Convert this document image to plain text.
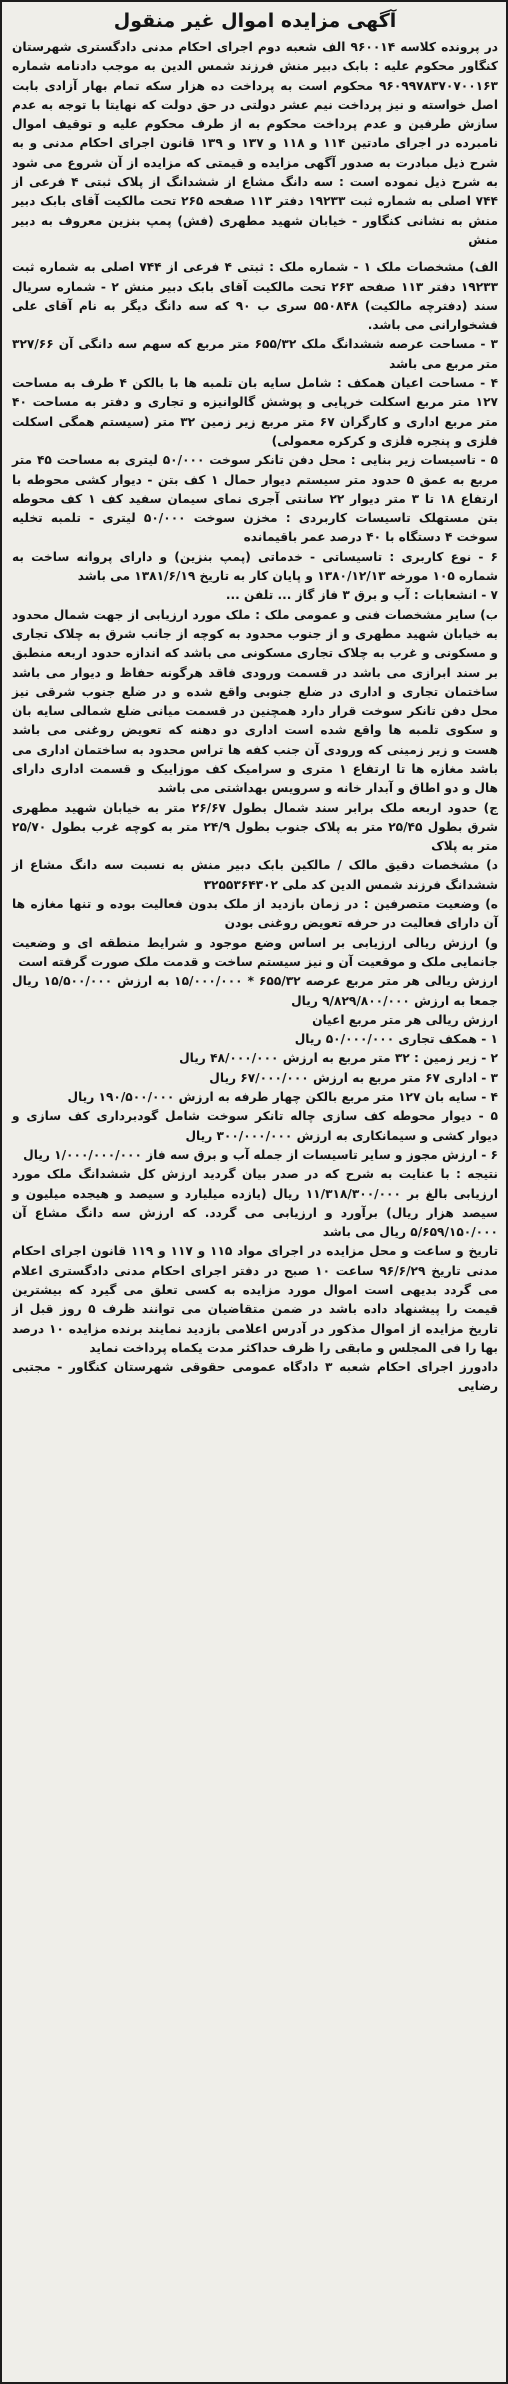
آگهی مزایده اموال غیر منقول

در پرونده کلاسه ۹۶۰۰۱۴ الف شعبه دوم اجرای احکام مدنی دادگستری شهرستان کنگاور محکوم علیه : بابک دبیر منش فرزند شمس الدین به موجب دادنامه شماره ۹۶۰۹۹۷۸۳۷۰۷۰۰۱۶۳ محکوم است به پرداخت ده هزار سکه تمام بهار آزادی بابت اصل خواسته و نیز پرداخت نیم عشر دولتی در حق دولت که نهایتا با توجه به عدم سازش طرفین و عدم پرداخت محکوم به از طرف محکوم علیه و توقیف اموال نامبرده در اجرای مادتین ۱۱۴ و ۱۱۸ و ۱۳۷ و ۱۳۹ قانون اجرای احکام مدنی و به شرح ذیل مبادرت به صدور آگهی مزایده و قیمتی که مزایده از آن شروع می شود به شرح ذیل نموده است : سه دانگ مشاع از ششدانگ از پلاک ثبتی ۴ فرعی از ۷۴۴ اصلی به شماره ثبت ۱۹۲۳۳ دفتر ۱۱۳ صفحه ۲۶۵ تحت مالکیت آقای بابک دبیر منش به نشانی کنگاور - خیابان شهید مطهری (فش) پمپ بنزین معروف به دبیر منش

الف) مشخصات ملک ۱ - شماره ملک : ثبتی ۴ فرعی از ۷۴۴ اصلی به شماره ثبت ۱۹۲۳۳ دفتر ۱۱۳ صفحه ۲۶۳ تحت مالکیت آقای بابک دبیر منش ۲ - شماره سریال سند (دفترچه مالکیت) ۵۵۰۸۴۸ سری ب ۹۰ که سه دانگ دیگر به نام آقای علی فشخوارانی می باشد.

۳ - مساحت عرصه ششدانگ ملک ۶۵۵/۳۲ متر مربع که سهم سه دانگی آن ۳۲۷/۶۶ متر مربع می باشد

۴ - مساحت اعیان همکف : شامل سایه بان تلمبه ها با بالکن ۴ طرف به مساحت ۱۲۷ متر مربع اسکلت خرپایی و پوشش گالوانیزه و تجاری و دفتر به مساحت ۴۰ متر مربع اداری و کارگران ۶۷ متر مربع زیر زمین ۳۲ متر (سیستم همگی اسکلت فلزی و پنجره فلزی و کرکره معمولی)

۵ - تاسیسات زیر بنایی : محل دفن تانکر سوخت ۵۰/۰۰۰ لیتری به مساحت ۴۵ متر مربع به عمق ۵ حدود متر سیستم دیوار حمال ۱ کف بتن - دیوار کشی محوطه با ارتفاع ۱۸ تا ۳ متر دیوار ۲۲ سانتی آجری نمای سیمان سفید کف ۱ کف محوطه بتن مستهلک تاسیسات کاربردی : مخزن سوخت ۵۰/۰۰۰ لیتری - تلمبه تخلیه سوخت ۴ دستگاه با ۴۰ درصد عمر باقیمانده

۶ - نوع کاربری : تاسیساتی - خدماتی (پمپ بنزین) و دارای پروانه ساخت به شماره ۱۰۵ مورخه ۱۳۸۰/۱۲/۱۳ و پایان کار به تاریخ ۱۳۸۱/۶/۱۹ می باشد

۷ - انشعابات : آب و برق ۳ فاز گاز ... تلفن ...

ب) سایر مشخصات فنی و عمومی ملک : ملک مورد ارزیابی از جهت شمال محدود به خیابان شهید مطهری و از جنوب محدود به کوچه از جانب شرق به چلاک تجاری و مسکونی و غرب به چلاک تجاری مسکونی می باشد که اندازه حدود اربعه منطبق بر سند ابرازی می باشد در قسمت ورودی فاقد هرگونه حفاظ و دیوار می باشد ساختمان تجاری و اداری در ضلع جنوبی واقع شده و در ضلع جنوب شرقی نیز محل دفن تانکر سوخت قرار دارد همچنین در قسمت میانی ضلع شمالی سایه بان و سکوی تلمبه ها واقع شده است اداری دو دهنه که تعویض روغنی می باشد هست و زیر زمینی که ورودی آن جنب کفه ها تراس محدود به ساختمان اداری می باشد مغازه ها تا ارتفاع ۱ متری و سرامیک کف موزاییک و قسمت اداری دارای هال و دو اطاق و آبدار خانه و سرویس بهداشتی می باشد

ج) حدود اربعه ملک برابر سند شمال بطول ۲۶/۶۷ متر به خیابان شهید مطهری شرق بطول ۲۵/۴۵ متر به پلاک جنوب بطول ۲۴/۹ متر به کوچه غرب بطول ۲۵/۷۰ متر به پلاک

د) مشخصات دقیق مالک / مالکین بابک دبیر منش به نسبت سه دانگ مشاع از ششدانگ فرزند شمس الدین کد ملی ۳۲۵۵۳۶۴۳۰۲

ه) وضعیت متصرفین : در زمان بازدید از ملک بدون فعالیت بوده و تنها مغازه ها آن دارای فعالیت در حرفه تعویض روغنی بودن

و) ارزش ریالی ارزیابی بر اساس وضع موجود و شرایط منطقه ای و وضعیت جانمایی ملک و موقعیت آن و نیز سیستم ساخت و قدمت ملک صورت گرفته است

ارزش ریالی هر متر مربع عرصه ۶۵۵/۳۲ * ۱۵/۰۰۰/۰۰۰ به ارزش ۱۵/۵۰۰/۰۰۰ ریال جمعا به ارزش ۹/۸۲۹/۸۰۰/۰۰۰ ریال

ارزش ریالی هر متر مربع اعیان

۱ - همکف تجاری ۵۰/۰۰۰/۰۰۰ ریال

۲ - زیر زمین : ۳۲ متر مربع به ارزش ۴۸/۰۰۰/۰۰۰ ریال

۳ - اداری ۶۷ متر مربع به ارزش ۶۷/۰۰۰/۰۰۰ ریال

۴ - سایه بان ۱۲۷ متر مربع بالکن چهار طرفه به ارزش ۱۹۰/۵۰۰/۰۰۰ ریال

۵ - دیوار محوطه کف سازی چاله تانکر سوخت شامل گودبرداری کف سازی و دیوار کشی و سیمانکاری به ارزش ۳۰۰/۰۰۰/۰۰۰ ریال

۶ - ارزش مجوز و سایر تاسیسات از جمله آب و برق سه فاز ۱/۰۰۰/۰۰۰/۰۰۰ ریال

نتیجه : با عنایت به شرح که در صدر بیان گردید ارزش کل ششدانگ ملک مورد ارزیابی بالغ بر ۱۱/۳۱۸/۳۰۰/۰۰۰ ریال (یازده میلیارد و سیصد و هیجده میلیون و سیصد هزار ریال) برآورد و ارزیابی می گردد. که ارزش سه دانگ مشاع آن ۵/۶۵۹/۱۵۰/۰۰۰ ریال می باشد

تاریخ و ساعت و محل مزایده در اجرای مواد ۱۱۵ و ۱۱۷ و ۱۱۹ قانون اجرای احکام مدنی تاریخ ۹۶/۶/۲۹ ساعت ۱۰ صبح در دفتر اجرای احکام مدنی دادگستری اعلام می گردد بدیهی است اموال مورد مزایده به کسی تعلق می گیرد که بیشترین قیمت را پیشنهاد داده باشد در ضمن متقاضیان می توانند ظرف ۵ روز قبل از تاریخ مزایده از اموال مذکور در آدرس اعلامی بازدید نمایند برنده مزایده ۱۰ درصد بها را فی المجلس و مابقی را ظرف حداکثر مدت یکماه پرداخت نماید

دادورز اجرای احکام شعبه ۳ دادگاه عمومی حقوقی شهرستان کنگاور - مجتبی رضایی
